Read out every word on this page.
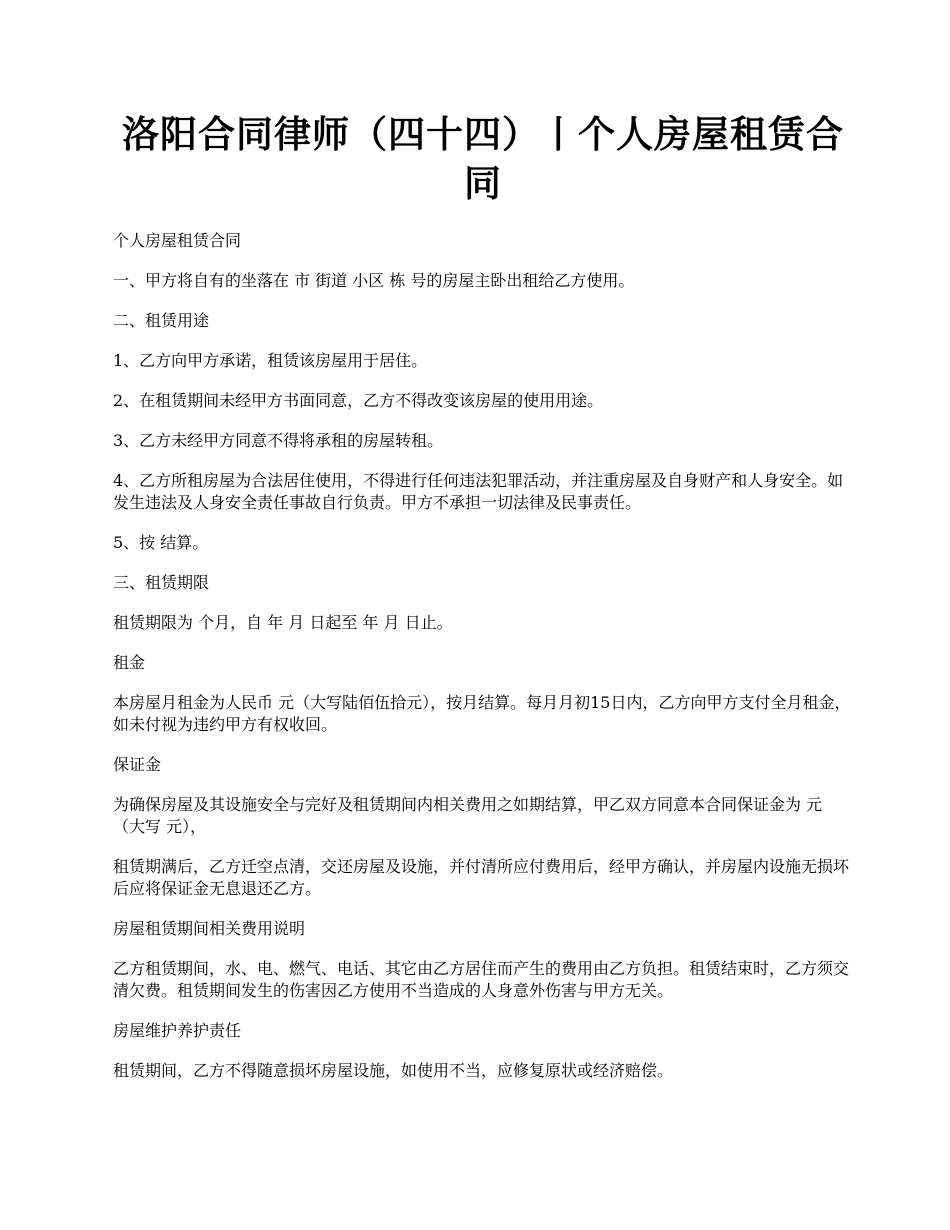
洛阳合同律师（四十四）丨个人房屋租赁合同

个人房屋租赁合同

一、甲方将自有的坐落在 市 街道 小区 栋 号的房屋主卧出租给乙方使用。

二、租赁用途

1、乙方向甲方承诺，租赁该房屋用于居住。

2、在租赁期间未经甲方书面同意，乙方不得改变该房屋的使用用途。

3、乙方未经甲方同意不得将承租的房屋转租。

4、乙方所租房屋为合法居住使用，不得进行任何违法犯罪活动，并注重房屋及自身财产和人身安全。如发生违法及人身安全责任事故自行负责。甲方不承担一切法律及民事责任。

5、按 结算。

三、租赁期限

租赁期限为 个月，自 年 月 日起至 年 月 日止。

租金

本房屋月租金为人民币 元（大写陆佰伍拾元），按月结算。每月月初15日内，乙方向甲方支付全月租金，如未付视为违约甲方有权收回。

保证金

为确保房屋及其设施安全与完好及租赁期间内相关费用之如期结算，甲乙双方同意本合同保证金为 元（大写 元），

租赁期满后，乙方迁空点清，交还房屋及设施，并付清所应付费用后，经甲方确认，并房屋内设施无损坏后应将保证金无息退还乙方。

房屋租赁期间相关费用说明

乙方租赁期间，水、电、燃气、电话、其它由乙方居住而产生的费用由乙方负担。租赁结束时，乙方须交清欠费。租赁期间发生的伤害因乙方使用不当造成的人身意外伤害与甲方无关。

房屋维护养护责任

租赁期间，乙方不得随意损坏房屋设施，如使用不当，应修复原状或经济赔偿。
